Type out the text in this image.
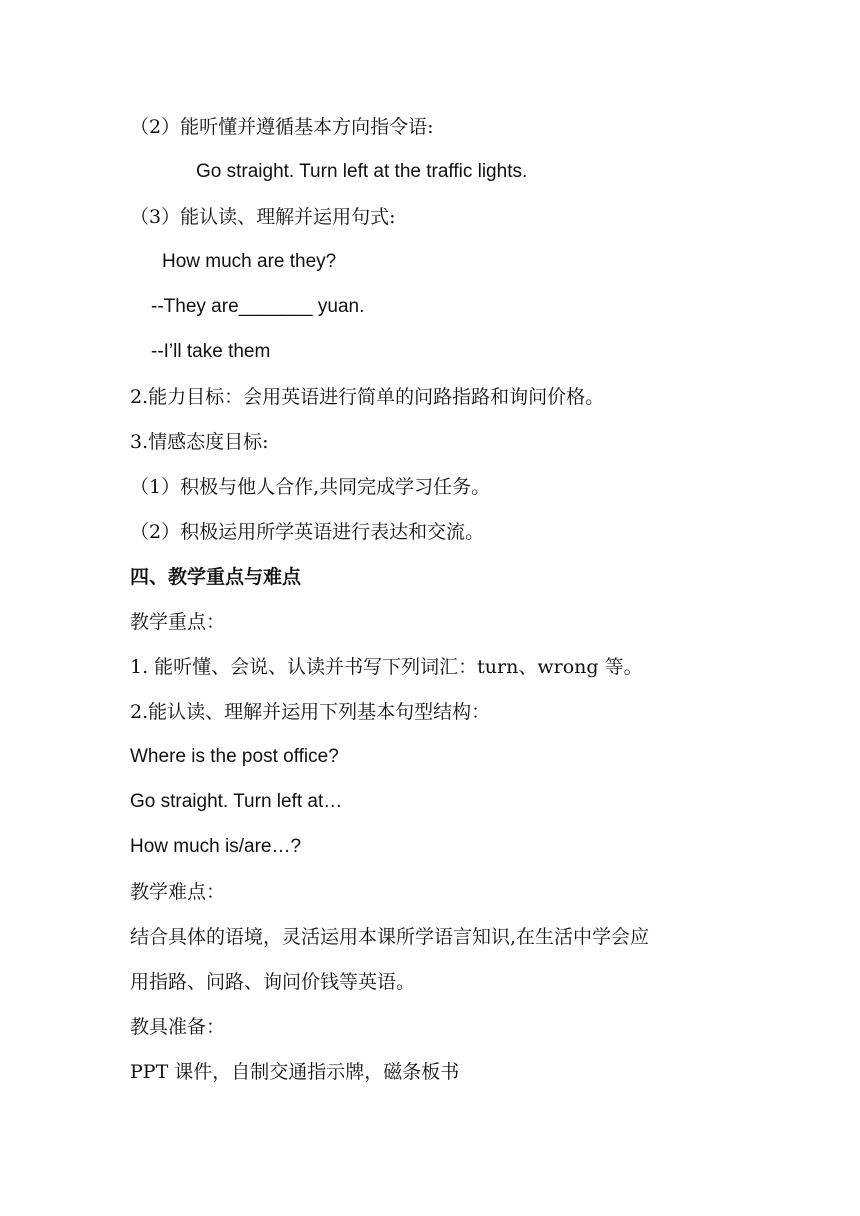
（2）能听懂并遵循基本方向指令语:
Go straight. Turn left at the traffic lights.
（3）能认读、理解并运用句式:
How much are they?
--They are_______ yuan.
--I’ll take them
2.能力目标：会用英语进行简单的问路指路和询问价格。
3.情感态度目标:
（1）积极与他人合作,共同完成学习任务。
（2）积极运用所学英语进行表达和交流。
四、教学重点与难点
教学重点：
1. 能听懂、会说、认读并书写下列词汇：turn、wrong 等。
2.能认读、理解并运用下列基本句型结构：
Where is the post office?
Go straight. Turn left at…
How much is/are…?
教学难点：
结合具体的语境，灵活运用本课所学语言知识,在生活中学会应
用指路、问路、询问价钱等英语。
教具准备：
PPT 课件，自制交通指示牌，磁条板书
